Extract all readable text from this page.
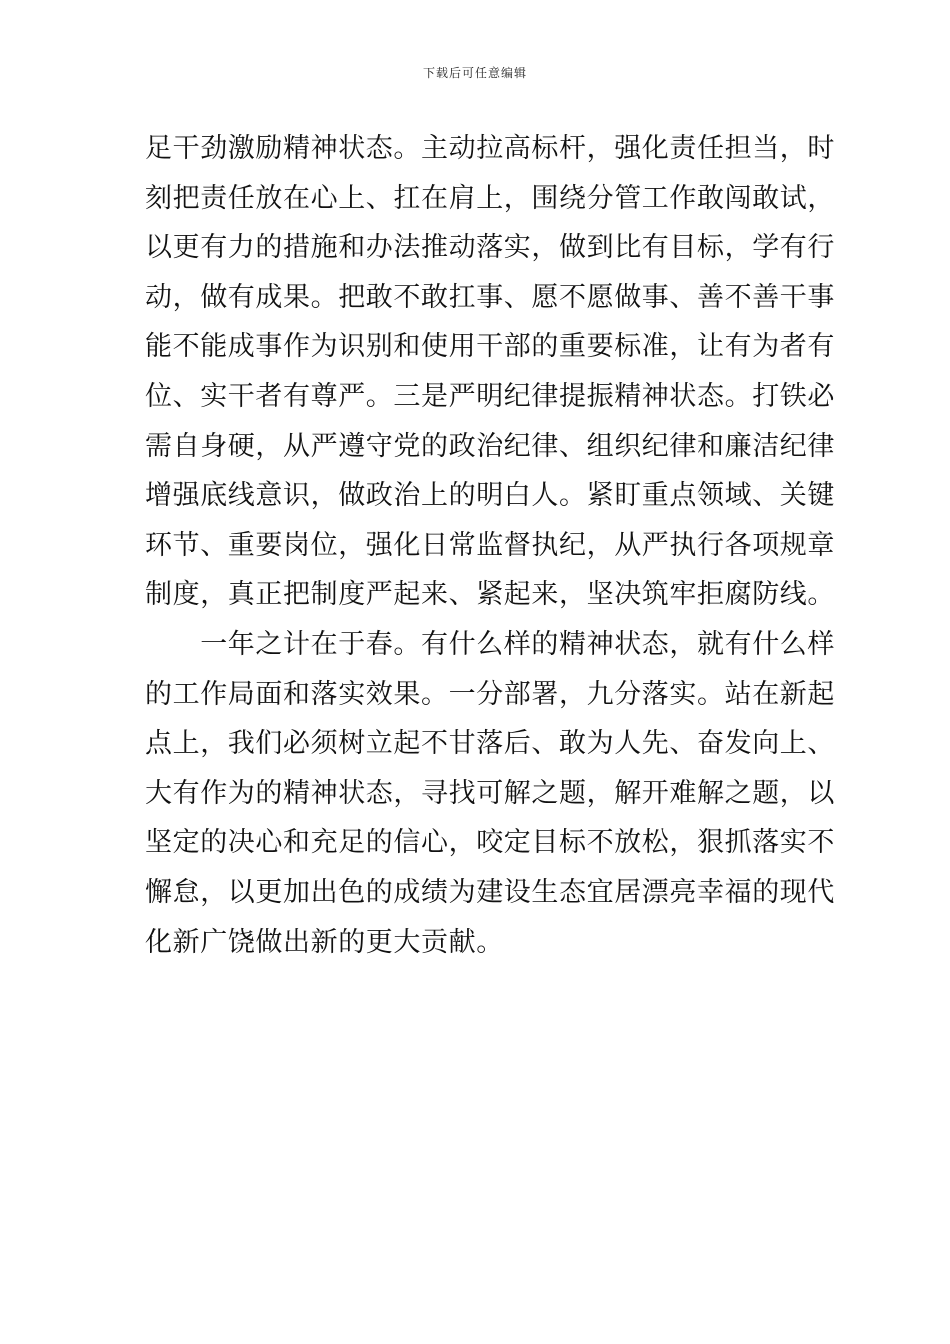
下载后可任意编辑
足干劲激励精神状态。主动拉高标杆，强化责任担当，时
刻把责任放在心上、扛在肩上，围绕分管工作敢闯敢试，
以更有力的措施和办法推动落实，做到比有目标，学有行
动，做有成果。把敢不敢扛事、愿不愿做事、善不善干事
能不能成事作为识别和使用干部的重要标准，让有为者有
位、实干者有尊严。三是严明纪律提振精神状态。打铁必
需自身硬，从严遵守党的政治纪律、组织纪律和廉洁纪律
增强底线意识，做政治上的明白人。紧盯重点领域、关键
环节、重要岗位，强化日常监督执纪，从严执行各项规章
制度，真正把制度严起来、紧起来，坚决筑牢拒腐防线。
　　一年之计在于春。有什么样的精神状态，就有什么样
的工作局面和落实效果。一分部署，九分落实。站在新起
点上，我们必须树立起不甘落后、敢为人先、奋发向上、
大有作为的精神状态，寻找可解之题，解开难解之题，以
坚定的决心和充足的信心，咬定目标不放松，狠抓落实不
懈怠，以更加出色的成绩为建设生态宜居漂亮幸福的现代
化新广饶做出新的更大贡献。
